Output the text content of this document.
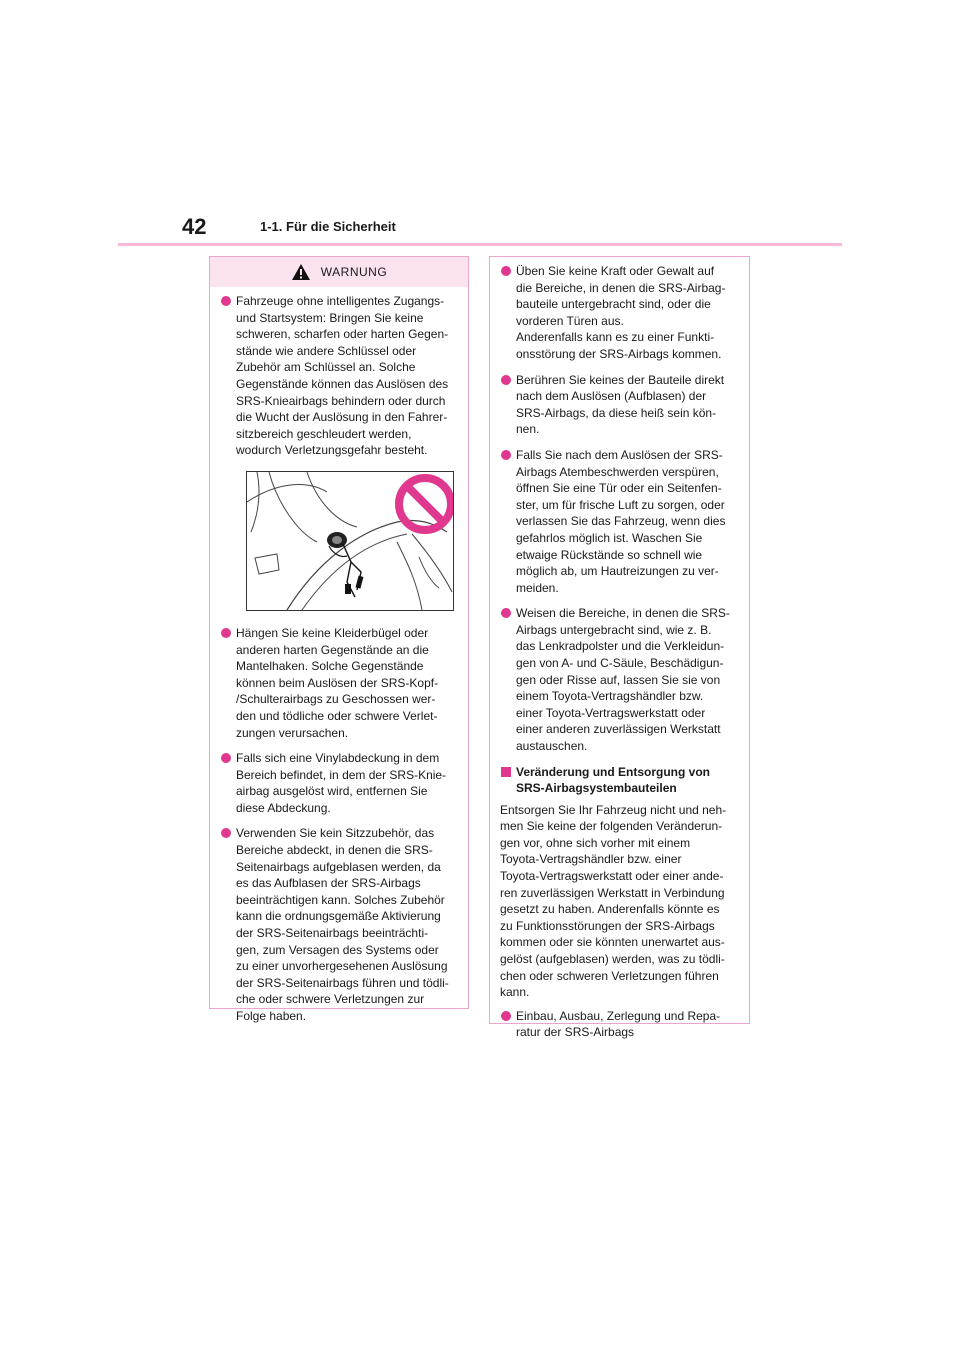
42	1-1. Für die Sicherheit
WARNUNG
Fahrzeuge ohne intelligentes Zugangs-
und Startsystem: Bringen Sie keine
schweren, scharfen oder harten Gegen-
stände wie andere Schlüssel oder
Zubehör am Schlüssel an. Solche
Gegenstände können das Auslösen des
SRS-Knieairbags behindern oder durch
die Wucht der Auslösung in den Fahrer-
sitzbereich geschleudert werden,
wodurch Verletzungsgefahr besteht.
Hängen Sie keine Kleiderbügel oder
anderen harten Gegenstände an die
Mantelhaken. Solche Gegenstände
können beim Auslösen der SRS-Kopf-
/Schulterairbags zu Geschossen wer-
den und tödliche oder schwere Verlet-
zungen verursachen.
Falls sich eine Vinylabdeckung in dem
Bereich befindet, in dem der SRS-Knie-
airbag ausgelöst wird, entfernen Sie
diese Abdeckung.
Verwenden Sie kein Sitzzubehör, das
Bereiche abdeckt, in denen die SRS-
Seitenairbags aufgeblasen werden, da
es das Aufblasen der SRS-Airbags
beeinträchtigen kann. Solches Zubehör
kann die ordnungsgemäße Aktivierung
der SRS-Seitenairbags beeinträchti-
gen, zum Versagen des Systems oder
zu einer unvorhergesehenen Auslösung
der SRS-Seitenairbags führen und tödli-
che oder schwere Verletzungen zur
Folge haben.
Üben Sie keine Kraft oder Gewalt auf
die Bereiche, in denen die SRS-Airbag-
bauteile untergebracht sind, oder die
vorderen Türen aus.
Anderenfalls kann es zu einer Funkti-
onsstörung der SRS-Airbags kommen.
Berühren Sie keines der Bauteile direkt
nach dem Auslösen (Aufblasen) der
SRS-Airbags, da diese heiß sein kön-
nen.
Falls Sie nach dem Auslösen der SRS-
Airbags Atembeschwerden verspüren,
öffnen Sie eine Tür oder ein Seitenfen-
ster, um für frische Luft zu sorgen, oder
verlassen Sie das Fahrzeug, wenn dies
gefahrlos möglich ist. Waschen Sie
etwaige Rückstände so schnell wie
möglich ab, um Hautreizungen zu ver-
meiden.
Weisen die Bereiche, in denen die SRS-
Airbags untergebracht sind, wie z. B.
das Lenkradpolster und die Verkleidun-
gen von A- und C-Säule, Beschädigun-
gen oder Risse auf, lassen Sie sie von
einem Toyota-Vertragshändler bzw.
einer Toyota-Vertragswerkstatt oder
einer anderen zuverlässigen Werkstatt
austauschen.
Veränderung und Entsorgung von
SRS-Airbagsystembauteilen
Entsorgen Sie Ihr Fahrzeug nicht und neh-
men Sie keine der folgenden Veränderun-
gen vor, ohne sich vorher mit einem
Toyota-Vertragshändler bzw. einer
Toyota-Vertragswerkstatt oder einer ande-
ren zuverlässigen Werkstatt in Verbindung
gesetzt zu haben. Anderenfalls könnte es
zu Funktionsstörungen der SRS-Airbags
kommen oder sie könnten unerwartet aus-
gelöst (aufgeblasen) werden, was zu tödli-
chen oder schweren Verletzungen führen
kann.
Einbau, Ausbau, Zerlegung und Repa-
ratur der SRS-Airbags
